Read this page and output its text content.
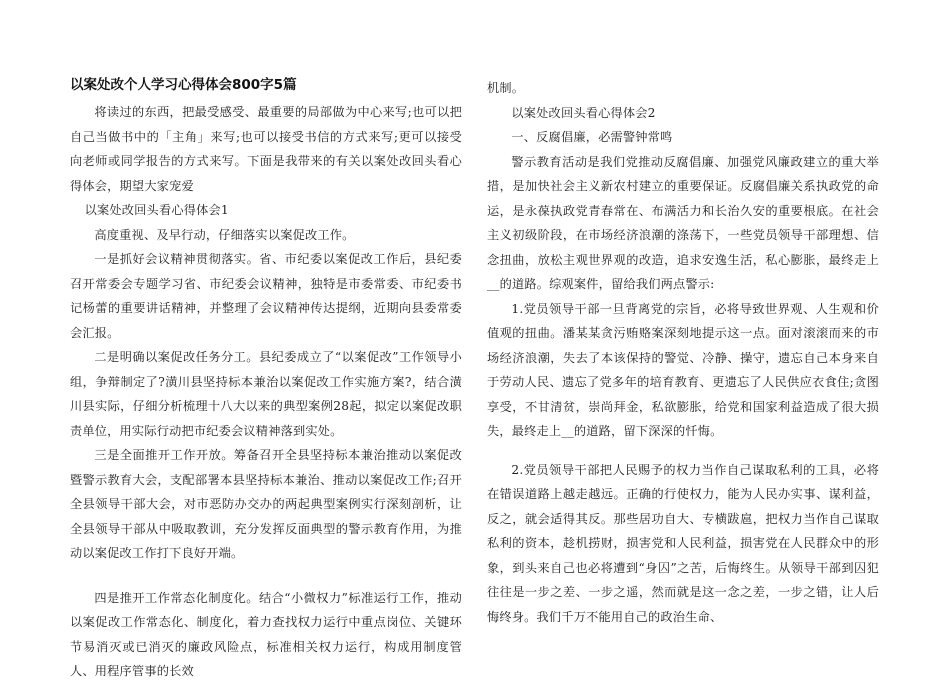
以案处改个人学习心得体会800字5篇

将读过的东西，把最受感受、最重要的局部做为中心来写;也可以把自己当做书中的「主角」来写;也可以接受书信的方式来写;更可以接受向老师或同学报告的方式来写。下面是我带来的有关以案处改回头看心得体会，期望大家宠爱

以案处改回头看心得体会1

高度重视、及早行动，仔细落实以案促改工作。

一是抓好会议精神贯彻落实。省、市纪委以案促改工作后，县纪委召开常委会专题学习省、市纪委会议精神，独特是市委常委、市纪委书记杨蕾的重要讲话精神，并整理了会议精神传达提纲，近期向县委常委会汇报。

二是明确以案促改任务分工。县纪委成立了“以案促改”工作领导小组，争辩制定了?潢川县坚持标本兼治以案促改工作实施方案?，结合潢川县实际，仔细分析梳理十八大以来的典型案例28起，拟定以案促改职责单位，用实际行动把市纪委会议精神落到实处。

三是全面推开工作开放。筹备召开全县坚持标本兼治推动以案促改暨警示教育大会，支配部署本县坚持标本兼治、推动以案促改工作;召开全县领导干部大会，对市恶防办交办的两起典型案例实行深刻剖析，让全县领导干部从中吸取教训，充分发挥反面典型的警示教育作用，为推动以案促改工作打下良好开端。

四是推开工作常态化制度化。结合“小微权力”标准运行工作，推动以案促改工作常态化、制度化，着力查找权力运行中重点岗位、关键环节易消灭或已消灭的廉政风险点，标准相关权力运行，构成用制度管人、用程序管事的长效

机制。

以案处改回头看心得体会2

一、反腐倡廉，必需警钟常鸣

警示教育活动是我们党推动反腐倡廉、加强党风廉政建立的重大举措，是加快社会主义新农村建立的重要保证。反腐倡廉关系执政党的命运，是永葆执政党青春常在、布满活力和长治久安的重要根底。在社会主义初级阶段，在市场经济浪潮的涤荡下，一些党员领导干部理想、信念扭曲，放松主观世界观的改造，追求安逸生活，私心膨胀，最终走上__的道路。综观案件，留给我们两点警示:

1.党员领导干部一旦背离党的宗旨，必将导致世界观、人生观和价值观的扭曲。潘某某贪污贿赂案深刻地提示这一点。面对滚滚而来的市场经济浪潮，失去了本该保持的警觉、冷静、操守，遗忘自己本身来自于劳动人民、遗忘了党多年的培育教育、更遗忘了人民供应衣食住;贪图享受，不甘清贫，崇尚拜金，私欲膨胀，给党和国家利益造成了很大损失，最终走上__的道路，留下深深的忏悔。

2.党员领导干部把人民赐予的权力当作自己谋取私利的工具，必将在错误道路上越走越远。正确的行使权力，能为人民办实事、谋利益，反之，就会适得其反。那些居功自大、专横跋扈，把权力当作自己谋取私利的资本，趁机捞财，损害党和人民利益，损害党在人民群众中的形象，到头来自己也必将遭到“身囚”之苦，后悔终生。从领导干部到囚犯往往是一步之差、一步之遥，然而就是这一念之差，一步之错，让人后悔终身。我们千万不能用自己的政治生命、
